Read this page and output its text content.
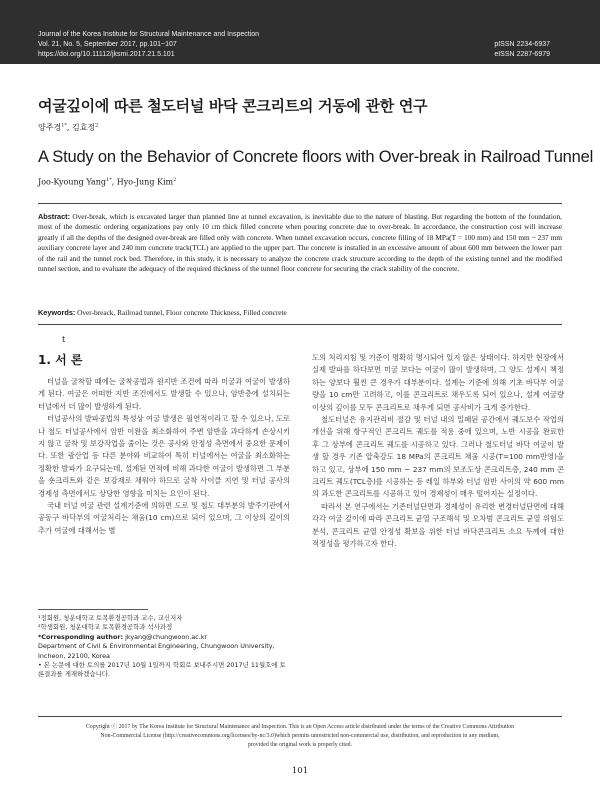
Journal of the Korea Institute for Structural Maintenance and Inspection
Vol. 21, No. 5, September 2017, pp.101~107
https://doi.org/10.11112/jksmi.2017.21.5.101
pISSN 2234-6937
eISSN 2287-6979
여굴깊이에 따른 철도터널 바닥 콘크리트의 거동에 관한 연구
양주경$^{1*}$, 김효정$^2$
A Study on the Behavior of Concrete floors with Over-break in Railroad Tunnel
Joo-Kyoung Yang$^{1*}$, Hyo-Jung Kim$^2$
Abstract: Over-break, which is excavated larger than planned line at tunnel excavation, is inevitable due to the nature of blasting. But regarding the bottom of the foundation, most of the domestic ordering organizations pay only 10 cm thick filled concrete when pouring concrete due to over-break. In accordance, the construction cost will increase greatly if all the depths of the designed over-break are filled only with concrete. When tunnel excavation occurs, concrete filling of 18 MPa(T = 100 mm) and 150 mm ~ 237 mm auxiliary concrete layer and 240 mm concrete track(TCL) are applied to the upper part. The concrete is installed in an excessive amount of about 600 mm between the lower part of the rail and the tunnel rock bed. Therefore, in this study, it is necessary to analyze the concrete crack structure according to the depth of the existing tunnel and the modified tunnel section, and to evaluate the adequacy of the required thickness of the tunnel floor concrete for securing the crack stability of the concrete.
Keywords: Over-breack, Railroad tunnel, Floor concrete Thickness, Filled concrete
t
1. 서 론

터널을 굴착할 때에는 굴착공법과 원지반 조건에 따라 미굴과 여굴이 발생하게 된다. 여굴은 어떠한 지반 조건에서도 발생할 수 있으나, 암반층에 설치되는 터널에서 더 많이 발생하게 된다.

터널공사의 발파공법의 특성상 여굴 발생은 필연적이라고 할 수 있으나, 도로나 철도 터널공사에서 암반 이완을 최소화하여 주변 암반을 과다하게 손상시키지 않고 굴착 및 보강작업을 줄이는 것은 공사와 안정성 측면에서 중요한 문제이다. 또한 광산업 등 다른 분야와 비교하여 특히 터널에서는 여굴을 최소화하는 정확한 발파가 요구되는데, 설계된 면적에 비해 과다한 여굴이 발생하면 그 부분을 숏크리트와 같은 보강재로 채워야 하므로 굴착 사이클 지연 및 터널 공사의 경제성 측면에서도 상당한 영향을 미치는 요인이 된다.

국내 터널 여굴 관련 설계기준에 의하면 도로 및 철도 대부분의 발주기관에서 공동구 바닥부의 여굴처리는 채움(10 cm)으로 되어 있으며, 그 이상의 깊이의 추가 여굴에 대해서는 별

¹정회원, 청운대학교 토목환경공학과 교수, 교신저자
²학생회원, 청운대학교 토목환경공학과 석사과정
*Corresponding author: jkyang@chungwoon.ac.kr
Department of Civil & Environmental Engineering, Chungwoon University, Incheon, 22100, Korea
• 본 논문에 대한 토의를 2017년 10월 1일까지 학회로 보내주시면 2017년 11월호에 토론결과를 게재하겠습니다.

도의 처리지침 및 기준이 명확히 명시되어 있지 않은 상태이다. 하지만 현장에서 실제 발파를 하다보면 미굴 보다는 여굴이 많이 발생하며, 그 양도 설계시 책정하는 양보다 훨씬 큰 경우가 대부분이다. 설계는 기준에 의해 기초 바닥부 여굴량을 10 cm만 고려하고, 이를 콘크리트로 채우도록 되어 있으나, 설계 여굴량 이상의 깊이를 모두 콘크리트로 채우게 되면 공사비가 크게 증가한다.

철도터널은 유지관리비 절감 및 터널 내의 밀폐된 공간에서 궤도보수 작업의 개선을 위해 항구적인 콘크리트 궤도를 적용 중에 있으며, 노반 시공을 완료한 후 그 상부에 콘크리트 궤도를 시공하고 있다. 그러나 철도터널 바닥 여굴이 발생 할 경우 기존 압축강도 18 MPa의 콘크리트 채움 시공(T=100 mm반영)을 하고 있고, 상부에 150 mm ~ 237 mm의 보조도상 콘크리트층, 240 mm 콘크리트 궤도(TCL층)를 시공하는 등 레일 하부와 터널 암반 사이의 약 600 mm의 과도한 콘크리트를 시공하고 있어 경제성이 매우 떨어지는 실정이다.

따라서 본 연구에서는 기존터널단면과 경제성이 유리한 변경터널단면에 대해 각각 여굴 깊이에 따라 콘크리트 균열 구조해석 및 오차범 콘크리트 균열 위험도 분석, 콘크리트 균열 안정성 확보을 위한 터널 바닥콘크리트 소요 두께에 대한 적정성을 평가하고자 한다.

Copyright ⓒ 2017 by The Korea Institute for Structural Maintenance and Inspection. This is an Open Access article distributed under the terms of the Creative Commons Attribution
Non-Commercial License (http://creativecommons.org/licenses/by-nc/3.0)which permits unrestricted non-commercial use, distribution, and reproduction in any medium,
provided the original work is properly cited.
101
